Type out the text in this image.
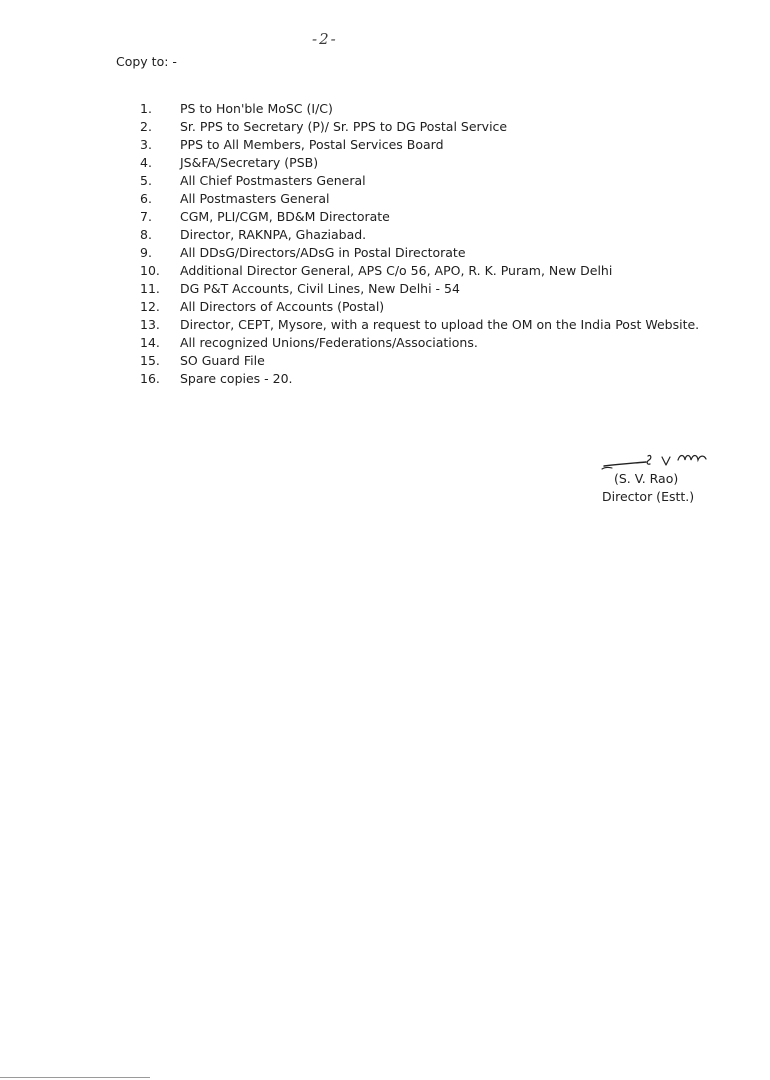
-2-
Copy to: -
1.	PS to Hon'ble MoSC (I/C)
2.	Sr. PPS to Secretary (P)/ Sr. PPS to DG Postal Service
3.	PPS to All Members, Postal Services Board
4.	JS&FA/Secretary (PSB)
5.	All Chief Postmasters General
6.	All Postmasters General
7.	CGM, PLI/CGM, BD&M Directorate
8.	Director, RAKNPA, Ghaziabad.
9.	All DDsG/Directors/ADsG in Postal Directorate
10.	Additional Director General, APS C/o 56, APO, R. K. Puram, New Delhi
11.	DG P&T Accounts, Civil Lines, New Delhi - 54
12.	All Directors of Accounts (Postal)
13.	Director, CEPT, Mysore, with a request to upload the OM on the India Post Website.
14.	All recognized Unions/Federations/Associations.
15.	SO Guard File
16.	Spare copies - 20.
(S. V. Rao)
Director (Estt.)
